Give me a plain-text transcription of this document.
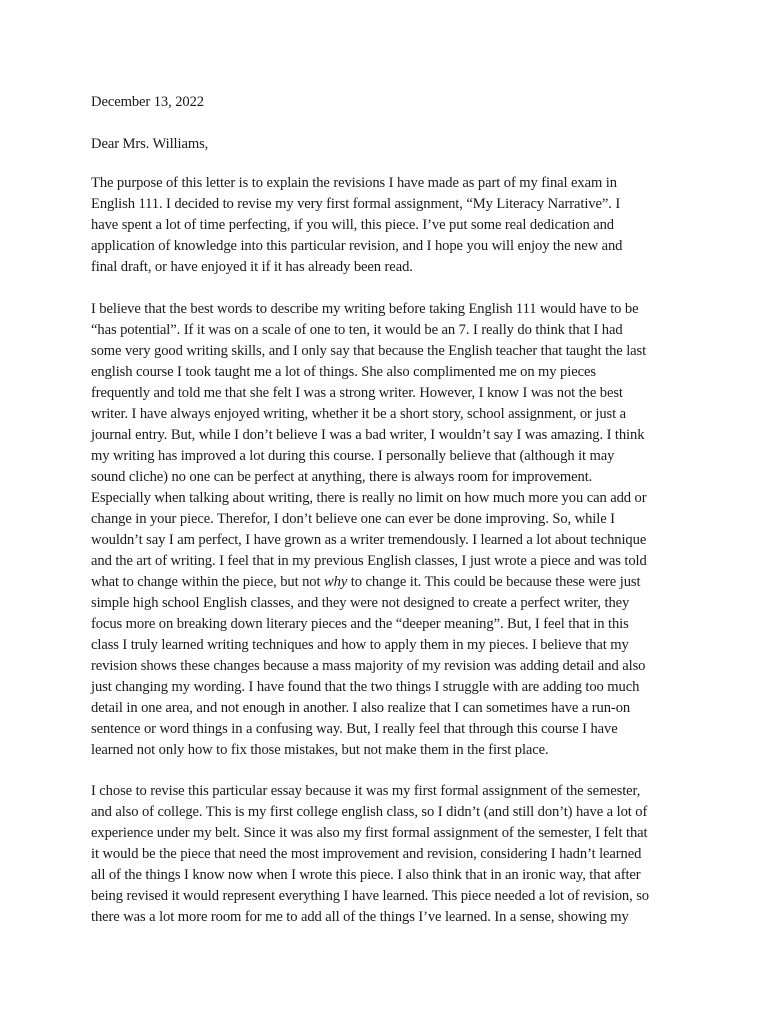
December 13, 2022

Dear Mrs. Williams,

The purpose of this letter is to explain the revisions I have made as part of my final exam in
English 111. I decided to revise my very first formal assignment, “My Literacy Narrative”. I
have spent a lot of time perfecting, if you will, this piece. I’ve put some real dedication and
application of knowledge into this particular revision, and I hope you will enjoy the new and
final draft, or have enjoyed it if it has already been read.
I believe that the best words to describe my writing before taking English 111 would have to be
“has potential”. If it was on a scale of one to ten, it would be an 7. I really do think that I had
some very good writing skills, and I only say that because the English teacher that taught the last
english course I took taught me a lot of things. She also complimented me on my pieces
frequently and told me that she felt I was a strong writer. However, I know I was not the best
writer. I have always enjoyed writing, whether it be a short story, school assignment, or just a
journal entry. But, while I don’t believe I was a bad writer, I wouldn’t say I was amazing. I think
my writing has improved a lot during this course. I personally believe that (although it may
sound cliche) no one can be perfect at anything, there is always room for improvement.
Especially when talking about writing, there is really no limit on how much more you can add or
change in your piece. Therefor, I don’t believe one can ever be done improving. So, while I
wouldn’t say I am perfect, I have grown as a writer tremendously. I learned a lot about technique
and the art of writing. I feel that in my previous English classes, I just wrote a piece and was told
what to change within the piece, but not why to change it. This could be because these were just
simple high school English classes, and they were not designed to create a perfect writer, they
focus more on breaking down literary pieces and the “deeper meaning”. But, I feel that in this
class I truly learned writing techniques and how to apply them in my pieces. I believe that my
revision shows these changes because a mass majority of my revision was adding detail and also
just changing my wording. I have found that the two things I struggle with are adding too much
detail in one area, and not enough in another. I also realize that I can sometimes have a run-on
sentence or word things in a confusing way. But, I really feel that through this course I have
learned not only how to fix those mistakes, but not make them in the first place.
I chose to revise this particular essay because it was my first formal assignment of the semester,
and also of college. This is my first college english class, so I didn’t (and still don’t) have a lot of
experience under my belt. Since it was also my first formal assignment of the semester, I felt that
it would be the piece that need the most improvement and revision, considering I hadn’t learned
all of the things I know now when I wrote this piece. I also think that in an ironic way, that after
being revised it would represent everything I have learned. This piece needed a lot of revision, so
there was a lot more room for me to add all of the things I’ve learned. In a sense, showing my
